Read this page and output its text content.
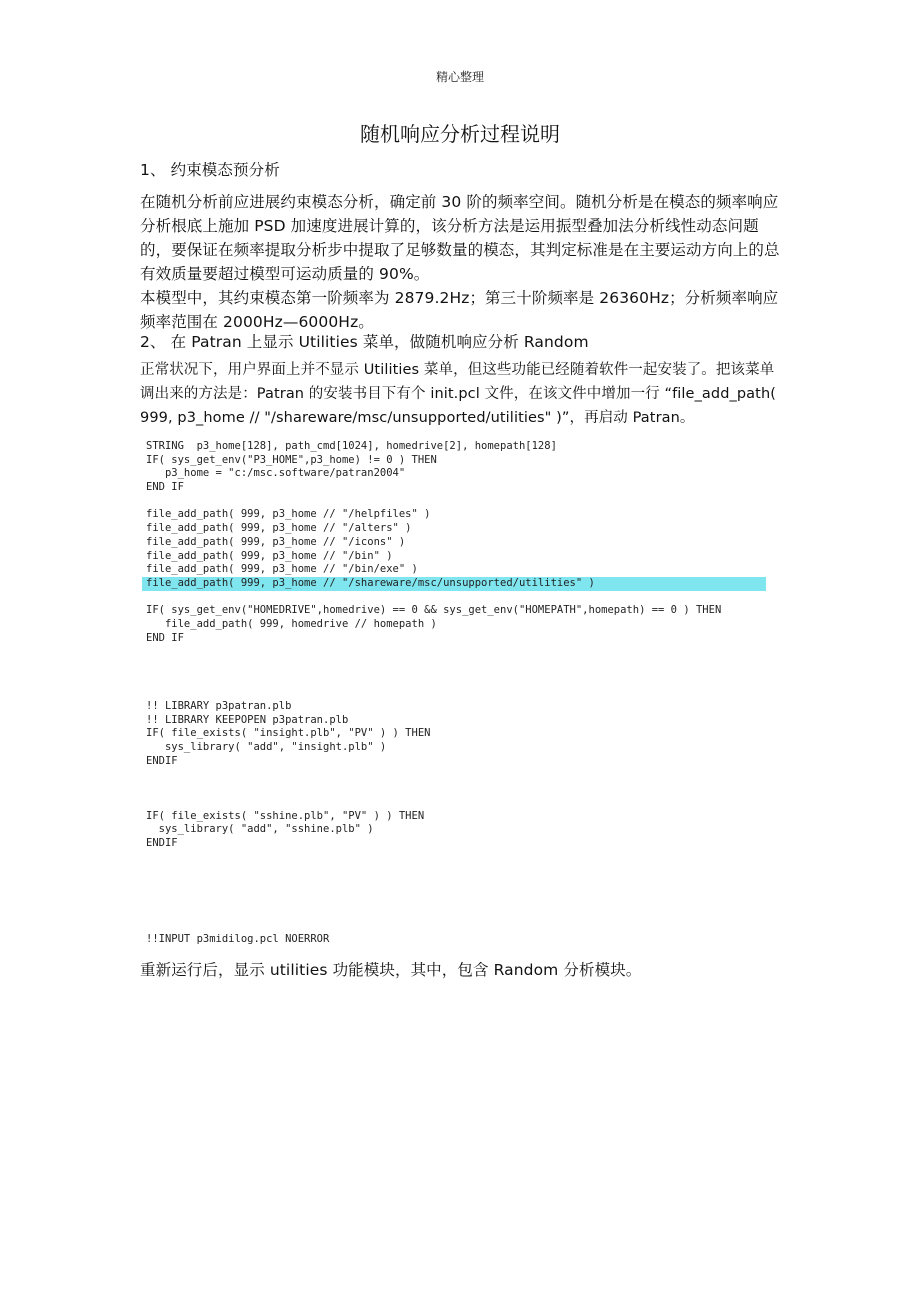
精心整理
随机响应分析过程说明
1、 约束模态预分析
在随机分析前应进展约束模态分析，确定前 30 阶的频率空间。随机分析是在模态的频率响应分析根底上施加 PSD 加速度进展计算的，该分析方法是运用振型叠加法分析线性动态问题的，要保证在频率提取分析步中提取了足够数量的模态，其判定标准是在主要运动方向上的总有效质量要超过模型可运动质量的 90%。
本模型中，其约束模态第一阶频率为 2879.2Hz；第三十阶频率是 26360Hz；分析频率响应频率范围在 2000Hz—6000Hz。
2、 在 Patran 上显示 Utilities 菜单，做随机响应分析 Random
正常状况下，用户界面上并不显示 Utilities 菜单，但这些功能已经随着软件一起安装了。把该菜单调出来的方法是：Patran 的安装书目下有个 init.pcl 文件，在该文件中增加一行 “file_add_path( 999, p3_home // "/shareware/msc/unsupported/utilities" )”，再启动 Patran。
STRING  p3_home[128], path_cmd[1024], homedrive[2], homepath[128]
IF( sys_get_env("P3_HOME",p3_home) != 0 ) THEN
p3_home = "c:/msc.software/patran2004"
END IF
file_add_path( 999, p3_home // "/helpfiles" )
file_add_path( 999, p3_home // "/alters" )
file_add_path( 999, p3_home // "/icons" )
file_add_path( 999, p3_home // "/bin" )
file_add_path( 999, p3_home // "/bin/exe" )
file_add_path( 999, p3_home // "/shareware/msc/unsupported/utilities" )
IF( sys_get_env("HOMEDRIVE",homedrive) == 0 && sys_get_env("HOMEPATH",homepath) == 0 ) THEN
file_add_path( 999, homedrive // homepath )
END IF
!! LIBRARY p3patran.plb
!! LIBRARY KEEPOPEN p3patran.plb
IF( file_exists( "insight.plb", "PV" ) ) THEN
sys_library( "add", "insight.plb" )
ENDIF
IF( file_exists( "sshine.plb", "PV" ) ) THEN
sys_library( "add", "sshine.plb" )
ENDIF
!!INPUT p3midilog.pcl NOERROR
重新运行后，显示 utilities 功能模块，其中，包含 Random 分析模块。
